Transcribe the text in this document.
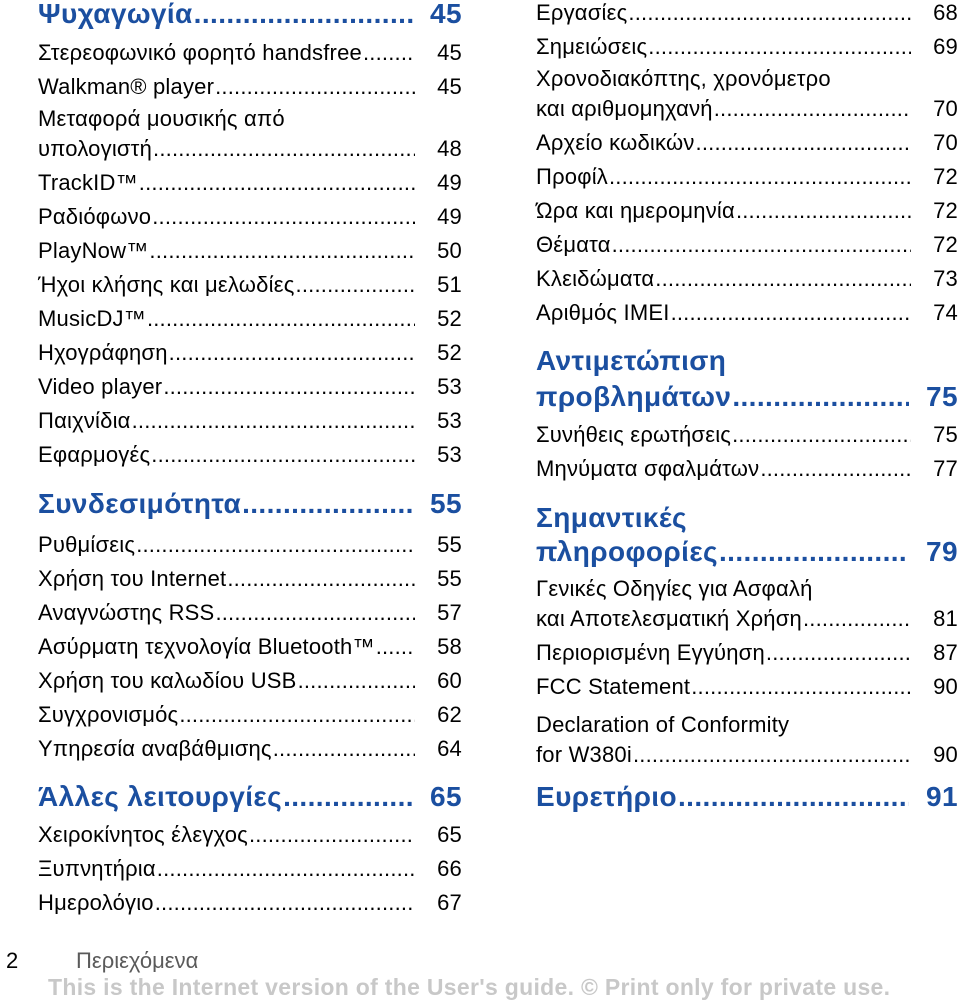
Ψυχαγωγία .....	45
Στερεοφωνικό φορητό handsfree .....	45
Walkman® player .....	45
Μεταφορά μουσικής από
υπολογιστή .....	48
TrackID™ .....	49
Ραδιόφωνο .....	49
PlayNow™ .....	50
Ήχοι κλήσης και μελωδίες .....	51
MusicDJ™ .....	52
Ηχογράφηση .....	52
Video player .....	53
Παιχνίδια .....	53
Εφαρμογές .....	53
Συνδεσιμότητα .....	55
Ρυθμίσεις .....	55
Χρήση του Internet .....	55
Αναγνώστης RSS .....	57
Ασύρματη τεχνολογία Bluetooth™ .....	58
Χρήση του καλωδίου USB .....	60
Συγχρονισμός .....	62
Υπηρεσία αναβάθμισης .....	64
Άλλες λειτουργίες .....	65
Χειροκίνητος έλεγχος .....	65
Ξυπνητήρια .....	66
Ημερολόγιο .....	67
Εργασίες .....	68
Σημειώσεις .....	69
Χρονοδιακόπτης, χρονόμετρο
και αριθμομηχανή .....	70
Αρχείο κωδικών .....	70
Προφίλ .....	72
Ώρα και ημερομηνία .....	72
Θέματα .....	72
Κλειδώματα .....	73
Αριθμός IMEI .....	74
Αντιμετώπιση
προβλημάτων .....	75
Συνήθεις ερωτήσεις .....	75
Μηνύματα σφαλμάτων .....	77
Σημαντικές
πληροφορίες .....	79
Γενικές Οδηγίες για Ασφαλή
και Αποτελεσματική Χρήση .....	81
Περιορισμένη Εγγύηση .....	87
FCC Statement .....	90
Declaration of Conformity
for W380i .....	90
Ευρετήριο .....	91
2	Περιεχόμενα
This is the Internet version of the User's guide. © Print only for private use.
